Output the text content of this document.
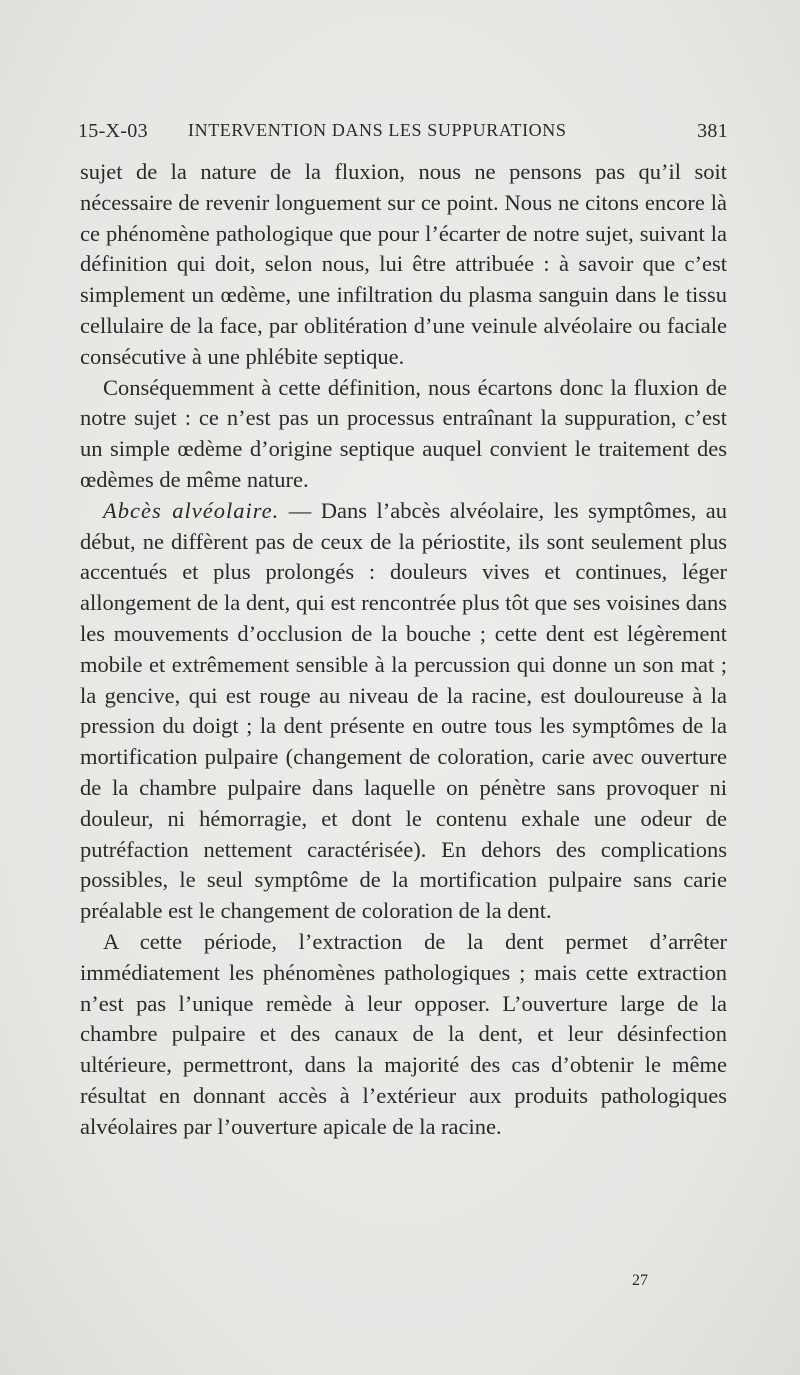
15-X-03 INTERVENTION DANS LES SUPPURATIONS	381

sujet de la nature de la fluxion, nous ne pensons pas qu’il soit nécessaire de revenir longuement sur ce point. Nous ne citons encore là ce phénomène pathologique que pour l’écarter de notre sujet, suivant la définition qui doit, selon nous, lui être attribuée : à savoir que c’est simplement un œdème, une infiltration du plasma sanguin dans le tissu cellulaire de la face, par oblitération d’une veinule alvéolaire ou faciale consécutive à une phlébite septique.

Conséquemment à cette définition, nous écartons donc la fluxion de notre sujet : ce n’est pas un processus entraînant la suppuration, c’est un simple œdème d’origine septique auquel convient le traitement des œdèmes de même nature.

Abcès alvéolaire. — Dans l’abcès alvéolaire, les symptômes, au début, ne diffèrent pas de ceux de la périostite, ils sont seulement plus accentués et plus prolongés : douleurs vives et continues, léger allongement de la dent, qui est rencontrée plus tôt que ses voisines dans les mouvements d’occlusion de la bouche ; cette dent est légèrement mobile et extrêmement sensible à la percussion qui donne un son mat ; la gencive, qui est rouge au niveau de la racine, est douloureuse à la pression du doigt ; la dent présente en outre tous les symptômes de la mortification pulpaire (changement de coloration, carie avec ouverture de la chambre pulpaire dans laquelle on pénètre sans provoquer ni douleur, ni hémorragie, et dont le contenu exhale une odeur de putréfaction nettement caractérisée). En dehors des complications possibles, le seul symptôme de la mortification pulpaire sans carie préalable est le changement de coloration de la dent.

A cette période, l’extraction de la dent permet d’arrêter immédiatement les phénomènes pathologiques ; mais cette extraction n’est pas l’unique remède à leur opposer. L’ouverture large de la chambre pulpaire et des canaux de la dent, et leur désinfection ultérieure, permettront, dans la majorité des cas d’obtenir le même résultat en donnant accès à l’extérieur aux produits pathologiques alvéolaires par l’ouverture apicale de la racine.

27
